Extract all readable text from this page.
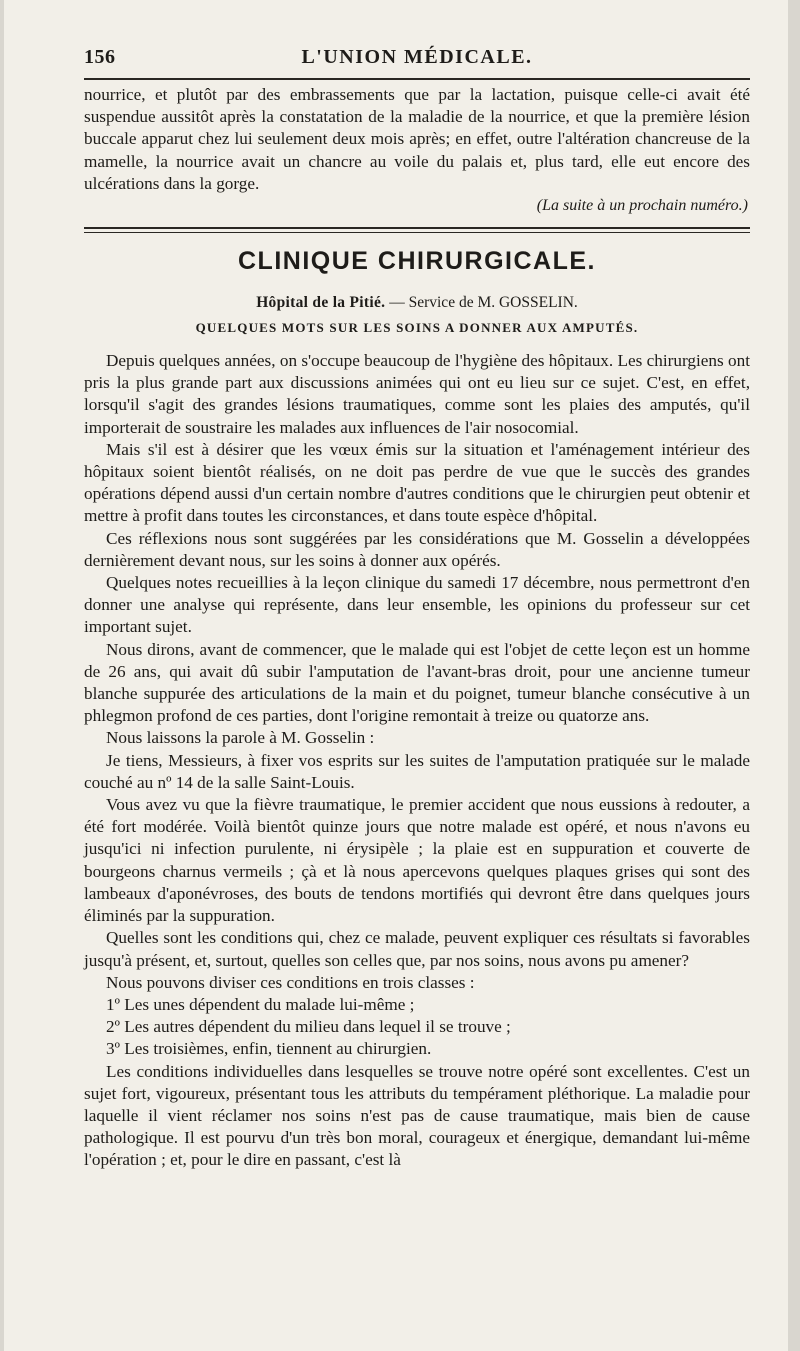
156	L'UNION MÉDICALE.

nourrice, et plutôt par des embrassements que par la lactation, puisque celle-ci avait été suspendue aussitôt après la constatation de la maladie de la nourrice, et que la première lésion buccale apparut chez lui seulement deux mois après; en effet, outre l'altération chancreuse de la mamelle, la nourrice avait un chancre au voile du palais et, plus tard, elle eut encore des ulcérations dans la gorge.

(La suite à un prochain numéro.)
CLINIQUE CHIRURGICALE.
Hôpital de la Pitié. — Service de M. GOSSELIN.
QUELQUES MOTS SUR LES SOINS A DONNER AUX AMPUTÉS.

Depuis quelques années, on s'occupe beaucoup de l'hygiène des hôpitaux. Les chirurgiens ont pris la plus grande part aux discussions animées qui ont eu lieu sur ce sujet. C'est, en effet, lorsqu'il s'agit des grandes lésions traumatiques, comme sont les plaies des amputés, qu'il importerait de soustraire les malades aux influences de l'air nosocomial.

Mais s'il est à désirer que les vœux émis sur la situation et l'aménagement intérieur des hôpitaux soient bientôt réalisés, on ne doit pas perdre de vue que le succès des grandes opérations dépend aussi d'un certain nombre d'autres conditions que le chirurgien peut obtenir et mettre à profit dans toutes les circonstances, et dans toute espèce d'hôpital.

Ces réflexions nous sont suggérées par les considérations que M. Gosselin a développées dernièrement devant nous, sur les soins à donner aux opérés.

Quelques notes recueillies à la leçon clinique du samedi 17 décembre, nous permettront d'en donner une analyse qui représente, dans leur ensemble, les opinions du professeur sur cet important sujet.

Nous dirons, avant de commencer, que le malade qui est l'objet de cette leçon est un homme de 26 ans, qui avait dû subir l'amputation de l'avant-bras droit, pour une ancienne tumeur blanche suppurée des articulations de la main et du poignet, tumeur blanche consécutive à un phlegmon profond de ces parties, dont l'origine remontait à treize ou quatorze ans.

Nous laissons la parole à M. Gosselin :

Je tiens, Messieurs, à fixer vos esprits sur les suites de l'amputation pratiquée sur le malade couché au nº 14 de la salle Saint-Louis.

Vous avez vu que la fièvre traumatique, le premier accident que nous eussions à redouter, a été fort modérée. Voilà bientôt quinze jours que notre malade est opéré, et nous n'avons eu jusqu'ici ni infection purulente, ni érysipèle ; la plaie est en suppuration et couverte de bourgeons charnus vermeils ; çà et là nous apercevons quelques plaques grises qui sont des lambeaux d'aponévroses, des bouts de tendons mortifiés qui devront être dans quelques jours éliminés par la suppuration.

Quelles sont les conditions qui, chez ce malade, peuvent expliquer ces résultats si favorables jusqu'à présent, et, surtout, quelles son celles que, par nos soins, nous avons pu amener?

Nous pouvons diviser ces conditions en trois classes :

1º Les unes dépendent du malade lui-même ;

2º Les autres dépendent du milieu dans lequel il se trouve ;

3º Les troisièmes, enfin, tiennent au chirurgien.

Les conditions individuelles dans lesquelles se trouve notre opéré sont excellentes. C'est un sujet fort, vigoureux, présentant tous les attributs du tempérament pléthorique. La maladie pour laquelle il vient réclamer nos soins n'est pas de cause traumatique, mais bien de cause pathologique. Il est pourvu d'un très bon moral, courageux et énergique, demandant lui-même l'opération ; et, pour le dire en passant, c'est là
